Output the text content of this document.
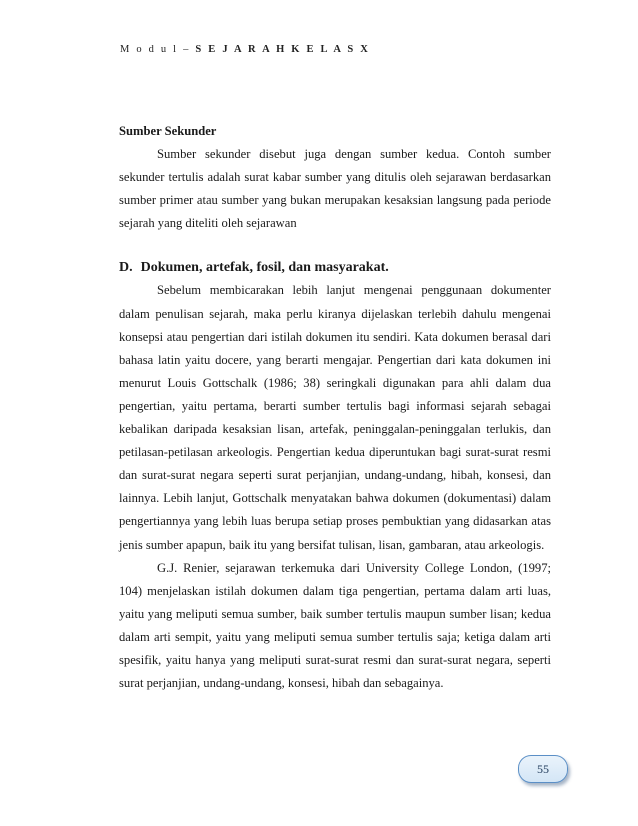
M o d u l – S E J A R A H K E L A S X

Sumber Sekunder

Sumber sekunder disebut juga dengan sumber kedua. Contoh sumber sekunder tertulis adalah surat kabar sumber yang ditulis oleh sejarawan berdasarkan sumber primer atau sumber yang bukan merupakan kesaksian langsung pada periode sejarah yang diteliti oleh sejarawan

D. Dokumen, artefak, fosil, dan masyarakat.

Sebelum membicarakan lebih lanjut mengenai penggunaan dokumenter dalam penulisan sejarah, maka perlu kiranya dijelaskan terlebih dahulu mengenai konsepsi atau pengertian dari istilah dokumen itu sendiri. Kata dokumen berasal dari bahasa latin yaitu docere, yang berarti mengajar. Pengertian dari kata dokumen ini menurut Louis Gottschalk (1986; 38) seringkali digunakan para ahli dalam dua pengertian, yaitu pertama, berarti sumber tertulis bagi informasi sejarah sebagai kebalikan daripada kesaksian lisan, artefak, peninggalan-peninggalan terlukis, dan petilasan-petilasan arkeologis. Pengertian kedua diperuntukan bagi surat-surat resmi dan surat-surat negara seperti surat perjanjian, undang-undang, hibah, konsesi, dan lainnya. Lebih lanjut, Gottschalk menyatakan bahwa dokumen (dokumentasi) dalam pengertiannya yang lebih luas berupa setiap proses pembuktian yang didasarkan atas jenis sumber apapun, baik itu yang bersifat tulisan, lisan, gambaran, atau arkeologis.

G.J. Renier, sejarawan terkemuka dari University College London, (1997; 104) menjelaskan istilah dokumen dalam tiga pengertian, pertama dalam arti luas, yaitu yang meliputi semua sumber, baik sumber tertulis maupun sumber lisan; kedua dalam arti sempit, yaitu yang meliputi semua sumber tertulis saja; ketiga dalam arti spesifik, yaitu hanya yang meliputi surat-surat resmi dan surat-surat negara, seperti surat perjanjian, undang-undang, konsesi, hibah dan sebagainya.

55
